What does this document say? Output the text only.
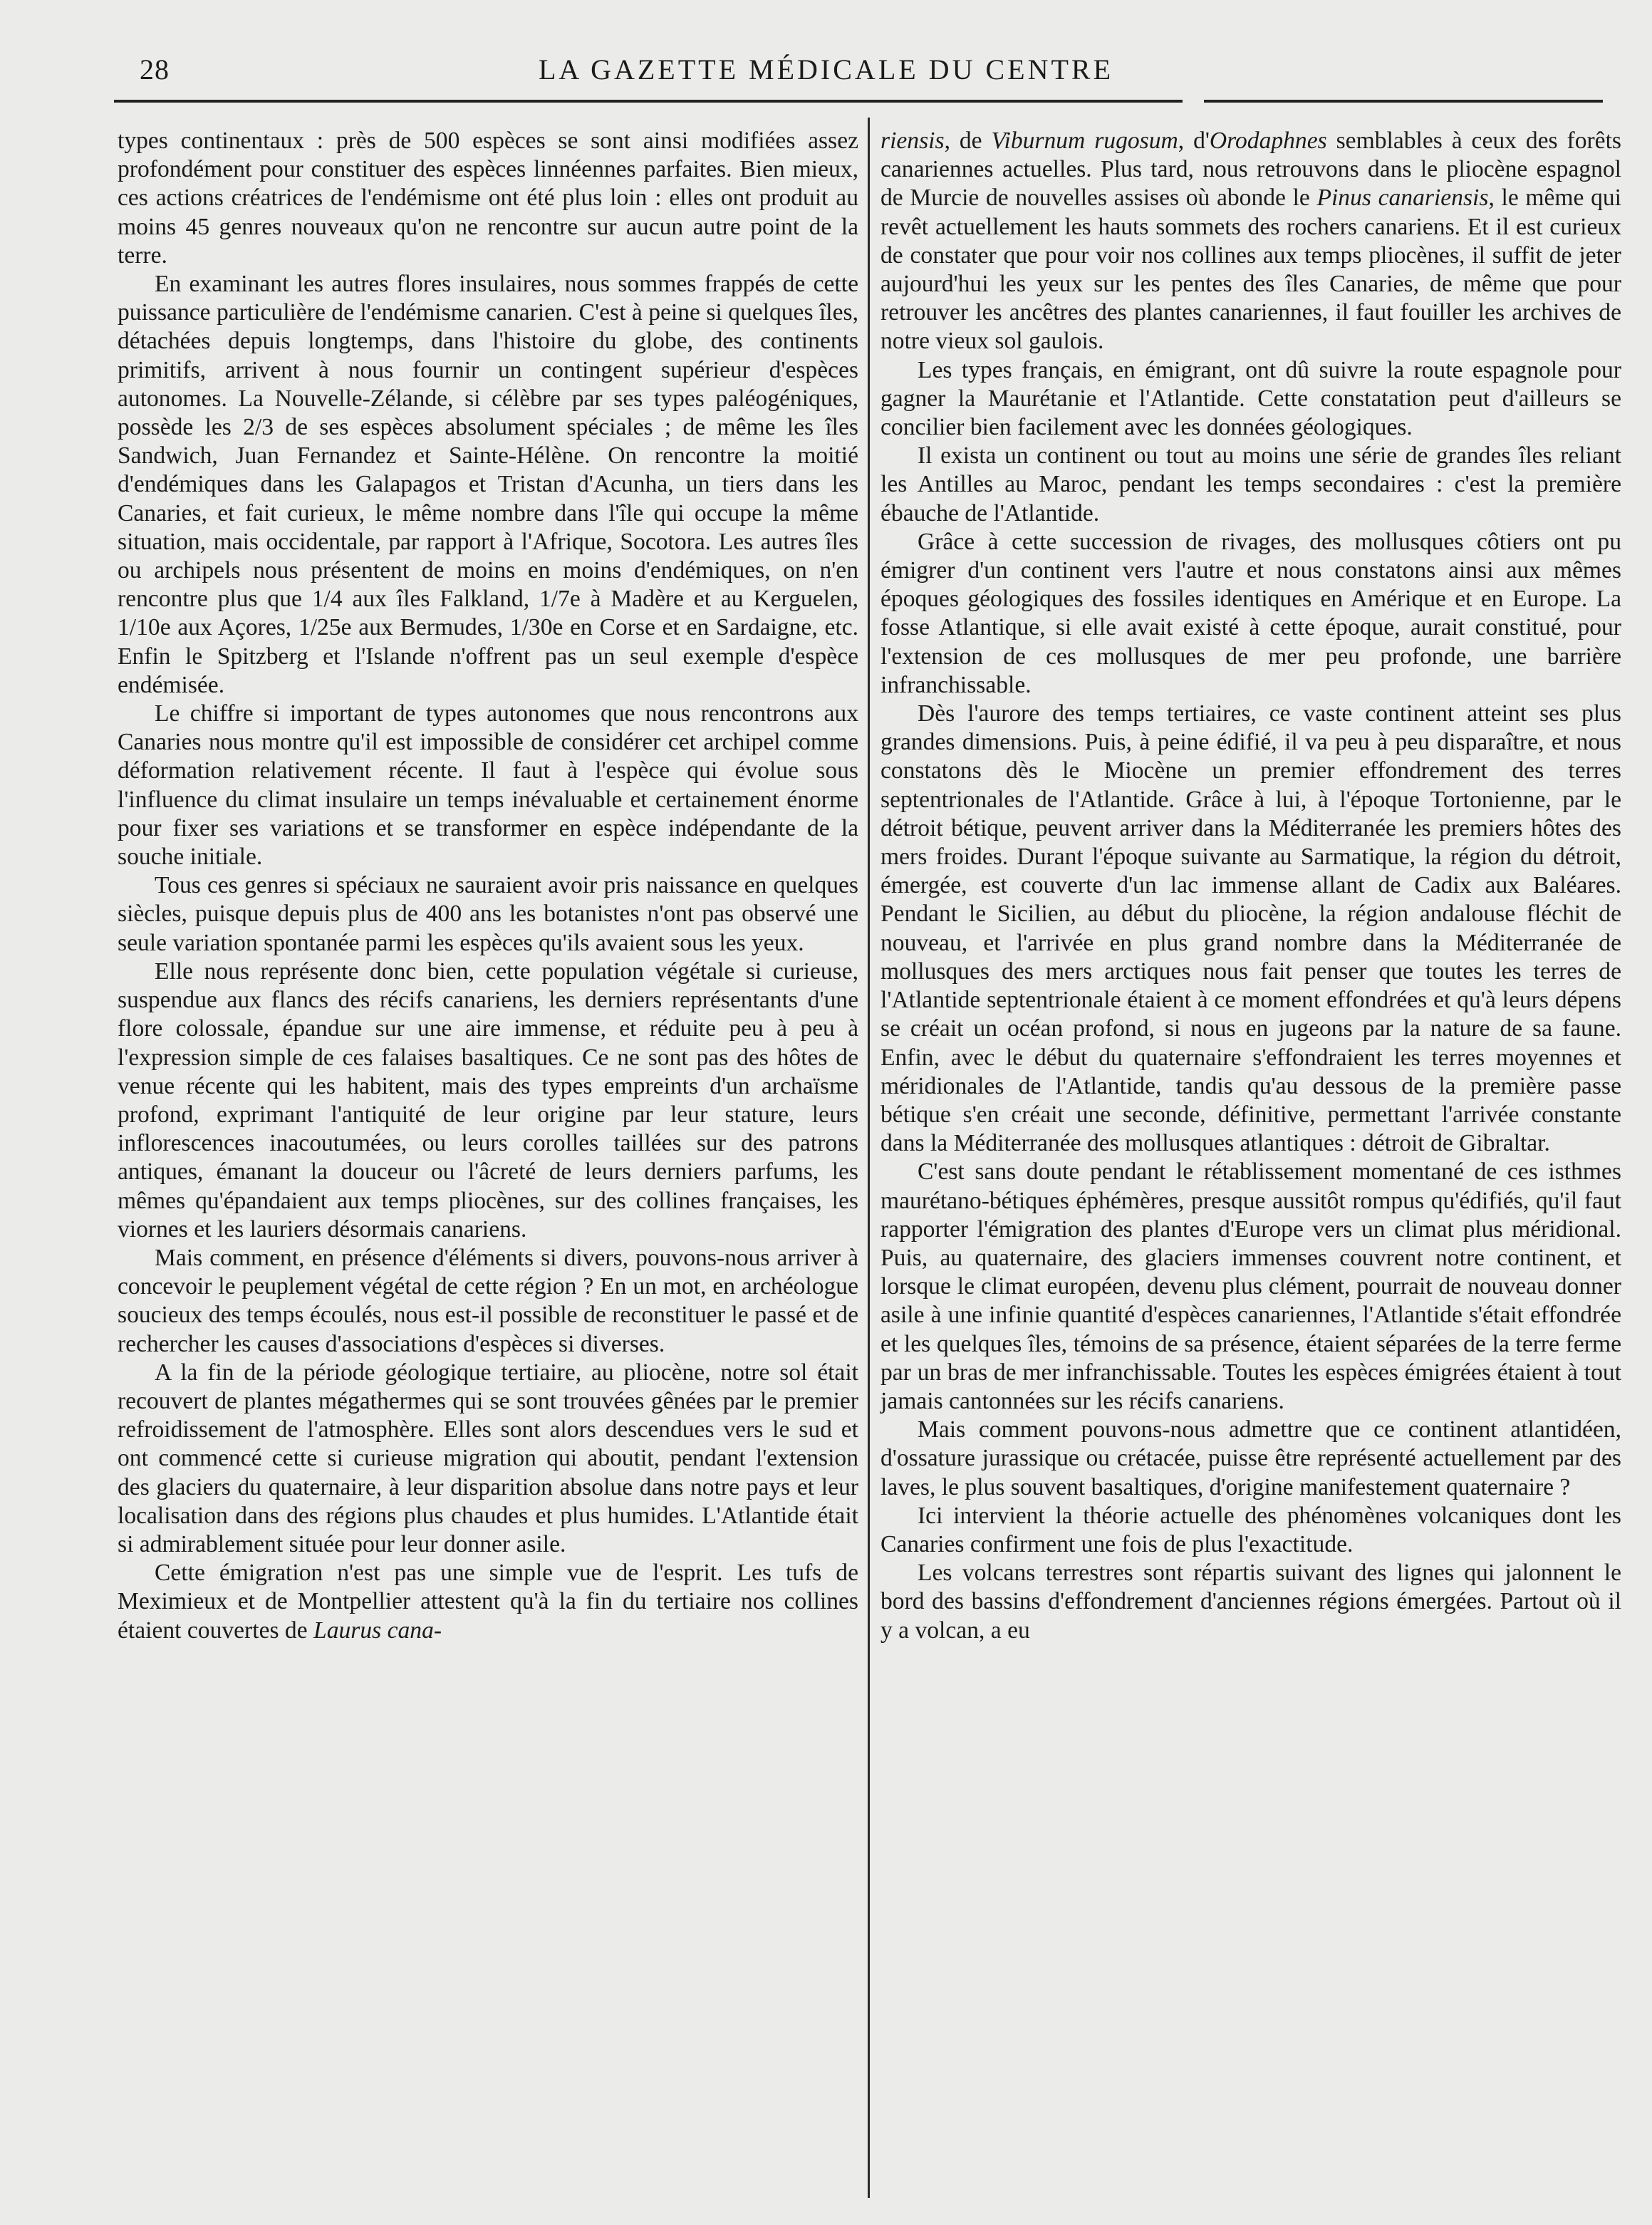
28	LA GAZETTE MÉDICALE DU CENTRE

types continentaux : près de 500 espèces se sont ainsi modifiées assez profondément pour constituer des espèces linnéennes parfaites. Bien mieux, ces actions créatrices de l'endémisme ont été plus loin : elles ont produit au moins 45 genres nouveaux qu'on ne rencontre sur aucun autre point de la terre.

En examinant les autres flores insulaires, nous sommes frappés de cette puissance particulière de l'endémisme canarien. C'est à peine si quelques îles, détachées depuis longtemps, dans l'histoire du globe, des continents primitifs, arrivent à nous fournir un contingent supérieur d'espèces autonomes. La Nouvelle-Zélande, si célèbre par ses types paléogéniques, possède les 2/3 de ses espèces absolument spéciales ; de même les îles Sandwich, Juan Fernandez et Sainte-Hélène. On rencontre la moitié d'endémiques dans les Galapagos et Tristan d'Acunha, un tiers dans les Canaries, et fait curieux, le même nombre dans l'île qui occupe la même situation, mais occidentale, par rapport à l'Afrique, Socotora. Les autres îles ou archipels nous présentent de moins en moins d'endémiques, on n'en rencontre plus que 1/4 aux îles Falkland, 1/7e à Madère et au Kerguelen, 1/10e aux Açores, 1/25e aux Bermudes, 1/30e en Corse et en Sardaigne, etc. Enfin le Spitzberg et l'Islande n'offrent pas un seul exemple d'espèce endémisée.

Le chiffre si important de types autonomes que nous rencontrons aux Canaries nous montre qu'il est impossible de considérer cet archipel comme déformation relativement récente. Il faut à l'espèce qui évolue sous l'influence du climat insulaire un temps inévaluable et certainement énorme pour fixer ses variations et se transformer en espèce indépendante de la souche initiale.

Tous ces genres si spéciaux ne sauraient avoir pris naissance en quelques siècles, puisque depuis plus de 400 ans les botanistes n'ont pas observé une seule variation spontanée parmi les espèces qu'ils avaient sous les yeux.

Elle nous représente donc bien, cette population végétale si curieuse, suspendue aux flancs des récifs canariens, les derniers représentants d'une flore colossale, épandue sur une aire immense, et réduite peu à peu à l'expression simple de ces falaises basaltiques. Ce ne sont pas des hôtes de venue récente qui les habitent, mais des types empreints d'un archaïsme profond, exprimant l'antiquité de leur origine par leur stature, leurs inflorescences inacoutumées, ou leurs corolles taillées sur des patrons antiques, émanant la douceur ou l'âcreté de leurs derniers parfums, les mêmes qu'épandaient aux temps pliocènes, sur des collines françaises, les viornes et les lauriers désormais canariens.

Mais comment, en présence d'éléments si divers, pouvons-nous arriver à concevoir le peuplement végétal de cette région ? En un mot, en archéologue soucieux des temps écoulés, nous est-il possible de reconstituer le passé et de rechercher les causes d'associations d'espèces si diverses.

A la fin de la période géologique tertiaire, au pliocène, notre sol était recouvert de plantes mégathermes qui se sont trouvées gênées par le premier refroidissement de l'atmosphère. Elles sont alors descendues vers le sud et ont commencé cette si curieuse migration qui aboutit, pendant l'extension des glaciers du quaternaire, à leur disparition absolue dans notre pays et leur localisation dans des régions plus chaudes et plus humides. L'Atlantide était si admirablement située pour leur donner asile.

Cette émigration n'est pas une simple vue de l'esprit. Les tufs de Meximieux et de Montpellier attestent qu'à la fin du tertiaire nos collines étaient couvertes de Laurus cana-

riensis, de Viburnum rugosum, d'Orodaphnes semblables à ceux des forêts canariennes actuelles. Plus tard, nous retrouvons dans le pliocène espagnol de Murcie de nouvelles assises où abonde le Pinus canariensis, le même qui revêt actuellement les hauts sommets des rochers canariens. Et il est curieux de constater que pour voir nos collines aux temps pliocènes, il suffit de jeter aujourd'hui les yeux sur les pentes des îles Canaries, de même que pour retrouver les ancêtres des plantes canariennes, il faut fouiller les archives de notre vieux sol gaulois.

Les types français, en émigrant, ont dû suivre la route espagnole pour gagner la Maurétanie et l'Atlantide. Cette constatation peut d'ailleurs se concilier bien facilement avec les données géologiques.

Il exista un continent ou tout au moins une série de grandes îles reliant les Antilles au Maroc, pendant les temps secondaires : c'est la première ébauche de l'Atlantide.

Grâce à cette succession de rivages, des mollusques côtiers ont pu émigrer d'un continent vers l'autre et nous constatons ainsi aux mêmes époques géologiques des fossiles identiques en Amérique et en Europe. La fosse Atlantique, si elle avait existé à cette époque, aurait constitué, pour l'extension de ces mollusques de mer peu profonde, une barrière infranchissable.

Dès l'aurore des temps tertiaires, ce vaste continent atteint ses plus grandes dimensions. Puis, à peine édifié, il va peu à peu disparaître, et nous constatons dès le Miocène un premier effondrement des terres septentrionales de l'Atlantide. Grâce à lui, à l'époque Tortonienne, par le détroit bétique, peuvent arriver dans la Méditerranée les premiers hôtes des mers froides. Durant l'époque suivante au Sarmatique, la région du détroit, émergée, est couverte d'un lac immense allant de Cadix aux Baléares. Pendant le Sicilien, au début du pliocène, la région andalouse fléchit de nouveau, et l'arrivée en plus grand nombre dans la Méditerranée de mollusques des mers arctiques nous fait penser que toutes les terres de l'Atlantide septentrionale étaient à ce moment effondrées et qu'à leurs dépens se créait un océan profond, si nous en jugeons par la nature de sa faune. Enfin, avec le début du quaternaire s'effondraient les terres moyennes et méridionales de l'Atlantide, tandis qu'au dessous de la première passe bétique s'en créait une seconde, définitive, permettant l'arrivée constante dans la Méditerranée des mollusques atlantiques : détroit de Gibraltar.

C'est sans doute pendant le rétablissement momentané de ces isthmes maurétano-bétiques éphémères, presque aussitôt rompus qu'édifiés, qu'il faut rapporter l'émigration des plantes d'Europe vers un climat plus méridional. Puis, au quaternaire, des glaciers immenses couvrent notre continent, et lorsque le climat européen, devenu plus clément, pourrait de nouveau donner asile à une infinie quantité d'espèces canariennes, l'Atlantide s'était effondrée et les quelques îles, témoins de sa présence, étaient séparées de la terre ferme par un bras de mer infranchissable. Toutes les espèces émigrées étaient à tout jamais cantonnées sur les récifs canariens.

Mais comment pouvons-nous admettre que ce continent atlantidéen, d'ossature jurassique ou crétacée, puisse être représenté actuellement par des laves, le plus souvent basaltiques, d'origine manifestement quaternaire ?

Ici intervient la théorie actuelle des phénomènes volcaniques dont les Canaries confirment une fois de plus l'exactitude.

Les volcans terrestres sont répartis suivant des lignes qui jalonnent le bord des bassins d'effondrement d'anciennes régions émergées. Partout où il y a volcan, a eu
